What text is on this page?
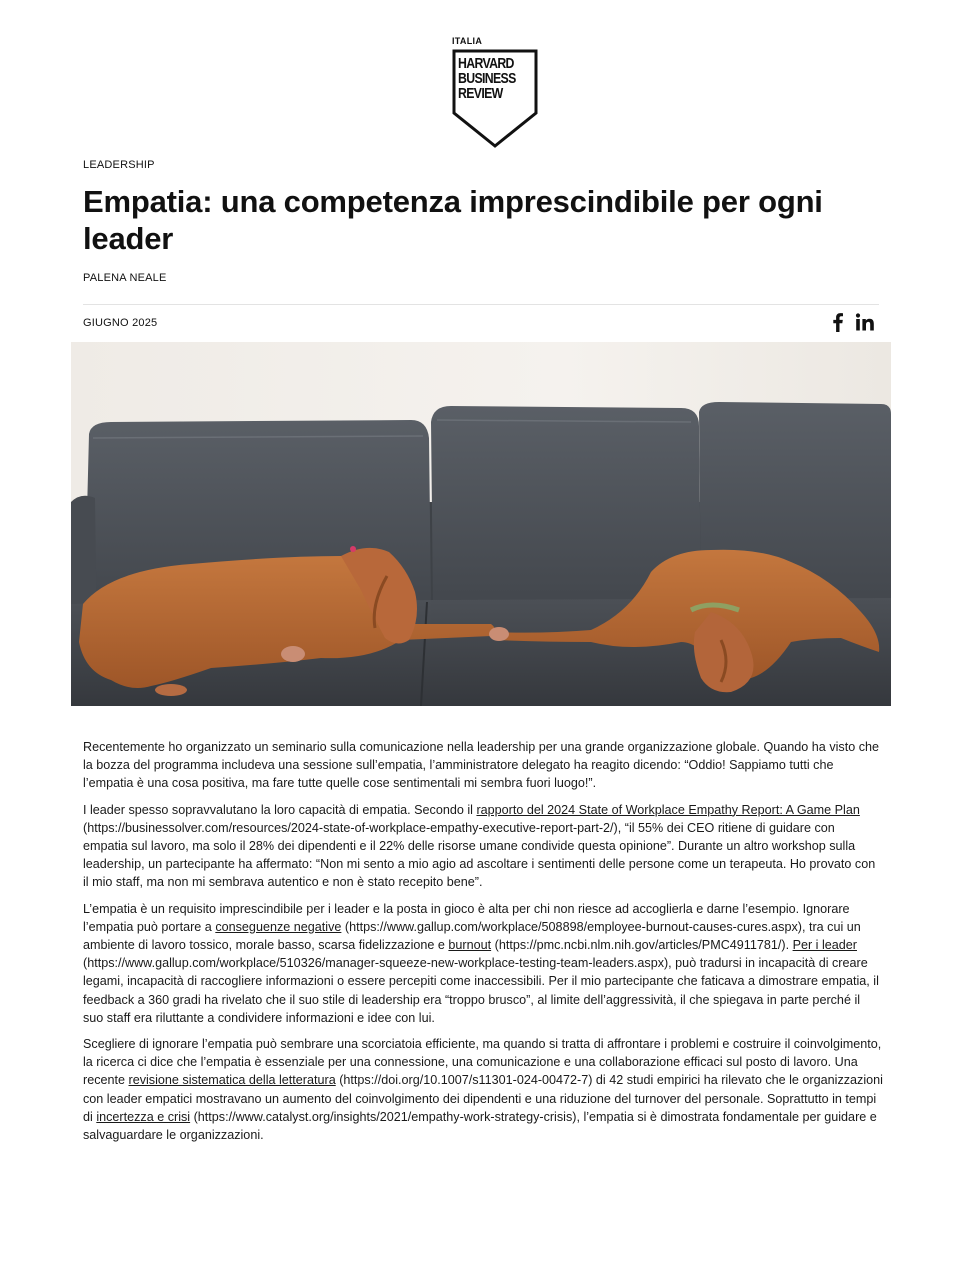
ITALIA
HARVARD
BUSINESS
REVIEW
LEADERSHIP
Empatia: una competenza imprescindibile per ogni leader
PALENA NEALE
GIUGNO 2025

Recentemente ho organizzato un seminario sulla comunicazione nella leadership per una grande organizzazione globale. Quando ha visto che la bozza del programma includeva una sessione sull’empatia, l’amministratore delegato ha reagito dicendo: “Oddio! Sappiamo tutti che l’empatia è una cosa positiva, ma fare tutte quelle cose sentimentali mi sembra fuori luogo!”.

I leader spesso sopravvalutano la loro capacità di empatia. Secondo il rapporto del 2024 State of Workplace Empathy Report: A Game Plan (https://businessolver.com/resources/2024-state-of-workplace-empathy-executive-report-part-2/), “il 55% dei CEO ritiene di guidare con empatia sul lavoro, ma solo il 28% dei dipendenti e il 22% delle risorse umane condivide questa opinione”. Durante un altro workshop sulla leadership, un partecipante ha affermato: “Non mi sento a mio agio ad ascoltare i sentimenti delle persone come un terapeuta. Ho provato con il mio staff, ma non mi sembrava autentico e non è stato recepito bene”.

L’empatia è un requisito imprescindibile per i leader e la posta in gioco è alta per chi non riesce ad accoglierla e darne l’esempio. Ignorare l’empatia può portare a conseguenze negative (https://www.gallup.com/workplace/508898/employee-burnout-causes-cures.aspx), tra cui un ambiente di lavoro tossico, morale basso, scarsa fidelizzazione e burnout (https://pmc.ncbi.nlm.nih.gov/articles/PMC4911781/). Per i leader (https://www.gallup.com/workplace/510326/manager-squeeze-new-workplace-testing-team-leaders.aspx), può tradursi in incapacità di creare legami, incapacità di raccogliere informazioni o essere percepiti come inaccessibili. Per il mio partecipante che faticava a dimostrare empatia, il feedback a 360 gradi ha rivelato che il suo stile di leadership era “troppo brusco”, al limite dell’aggressività, il che spiegava in parte perché il suo staff era riluttante a condividere informazioni e idee con lui.

Scegliere di ignorare l’empatia può sembrare una scorciatoia efficiente, ma quando si tratta di affrontare i problemi e costruire il coinvolgimento, la ricerca ci dice che l’empatia è essenziale per una connessione, una comunicazione e una collaborazione efficaci sul posto di lavoro. Una recente revisione sistematica della letteratura (https://doi.org/10.1007/s11301-024-00472-7) di 42 studi empirici ha rilevato che le organizzazioni con leader empatici mostravano un aumento del coinvolgimento dei dipendenti e una riduzione del turnover del personale. Soprattutto in tempi di incertezza e crisi (https://www.catalyst.org/insights/2021/empathy-work-strategy-crisis), l’empatia si è dimostrata fondamentale per guidare e salvaguardare le organizzazioni.
